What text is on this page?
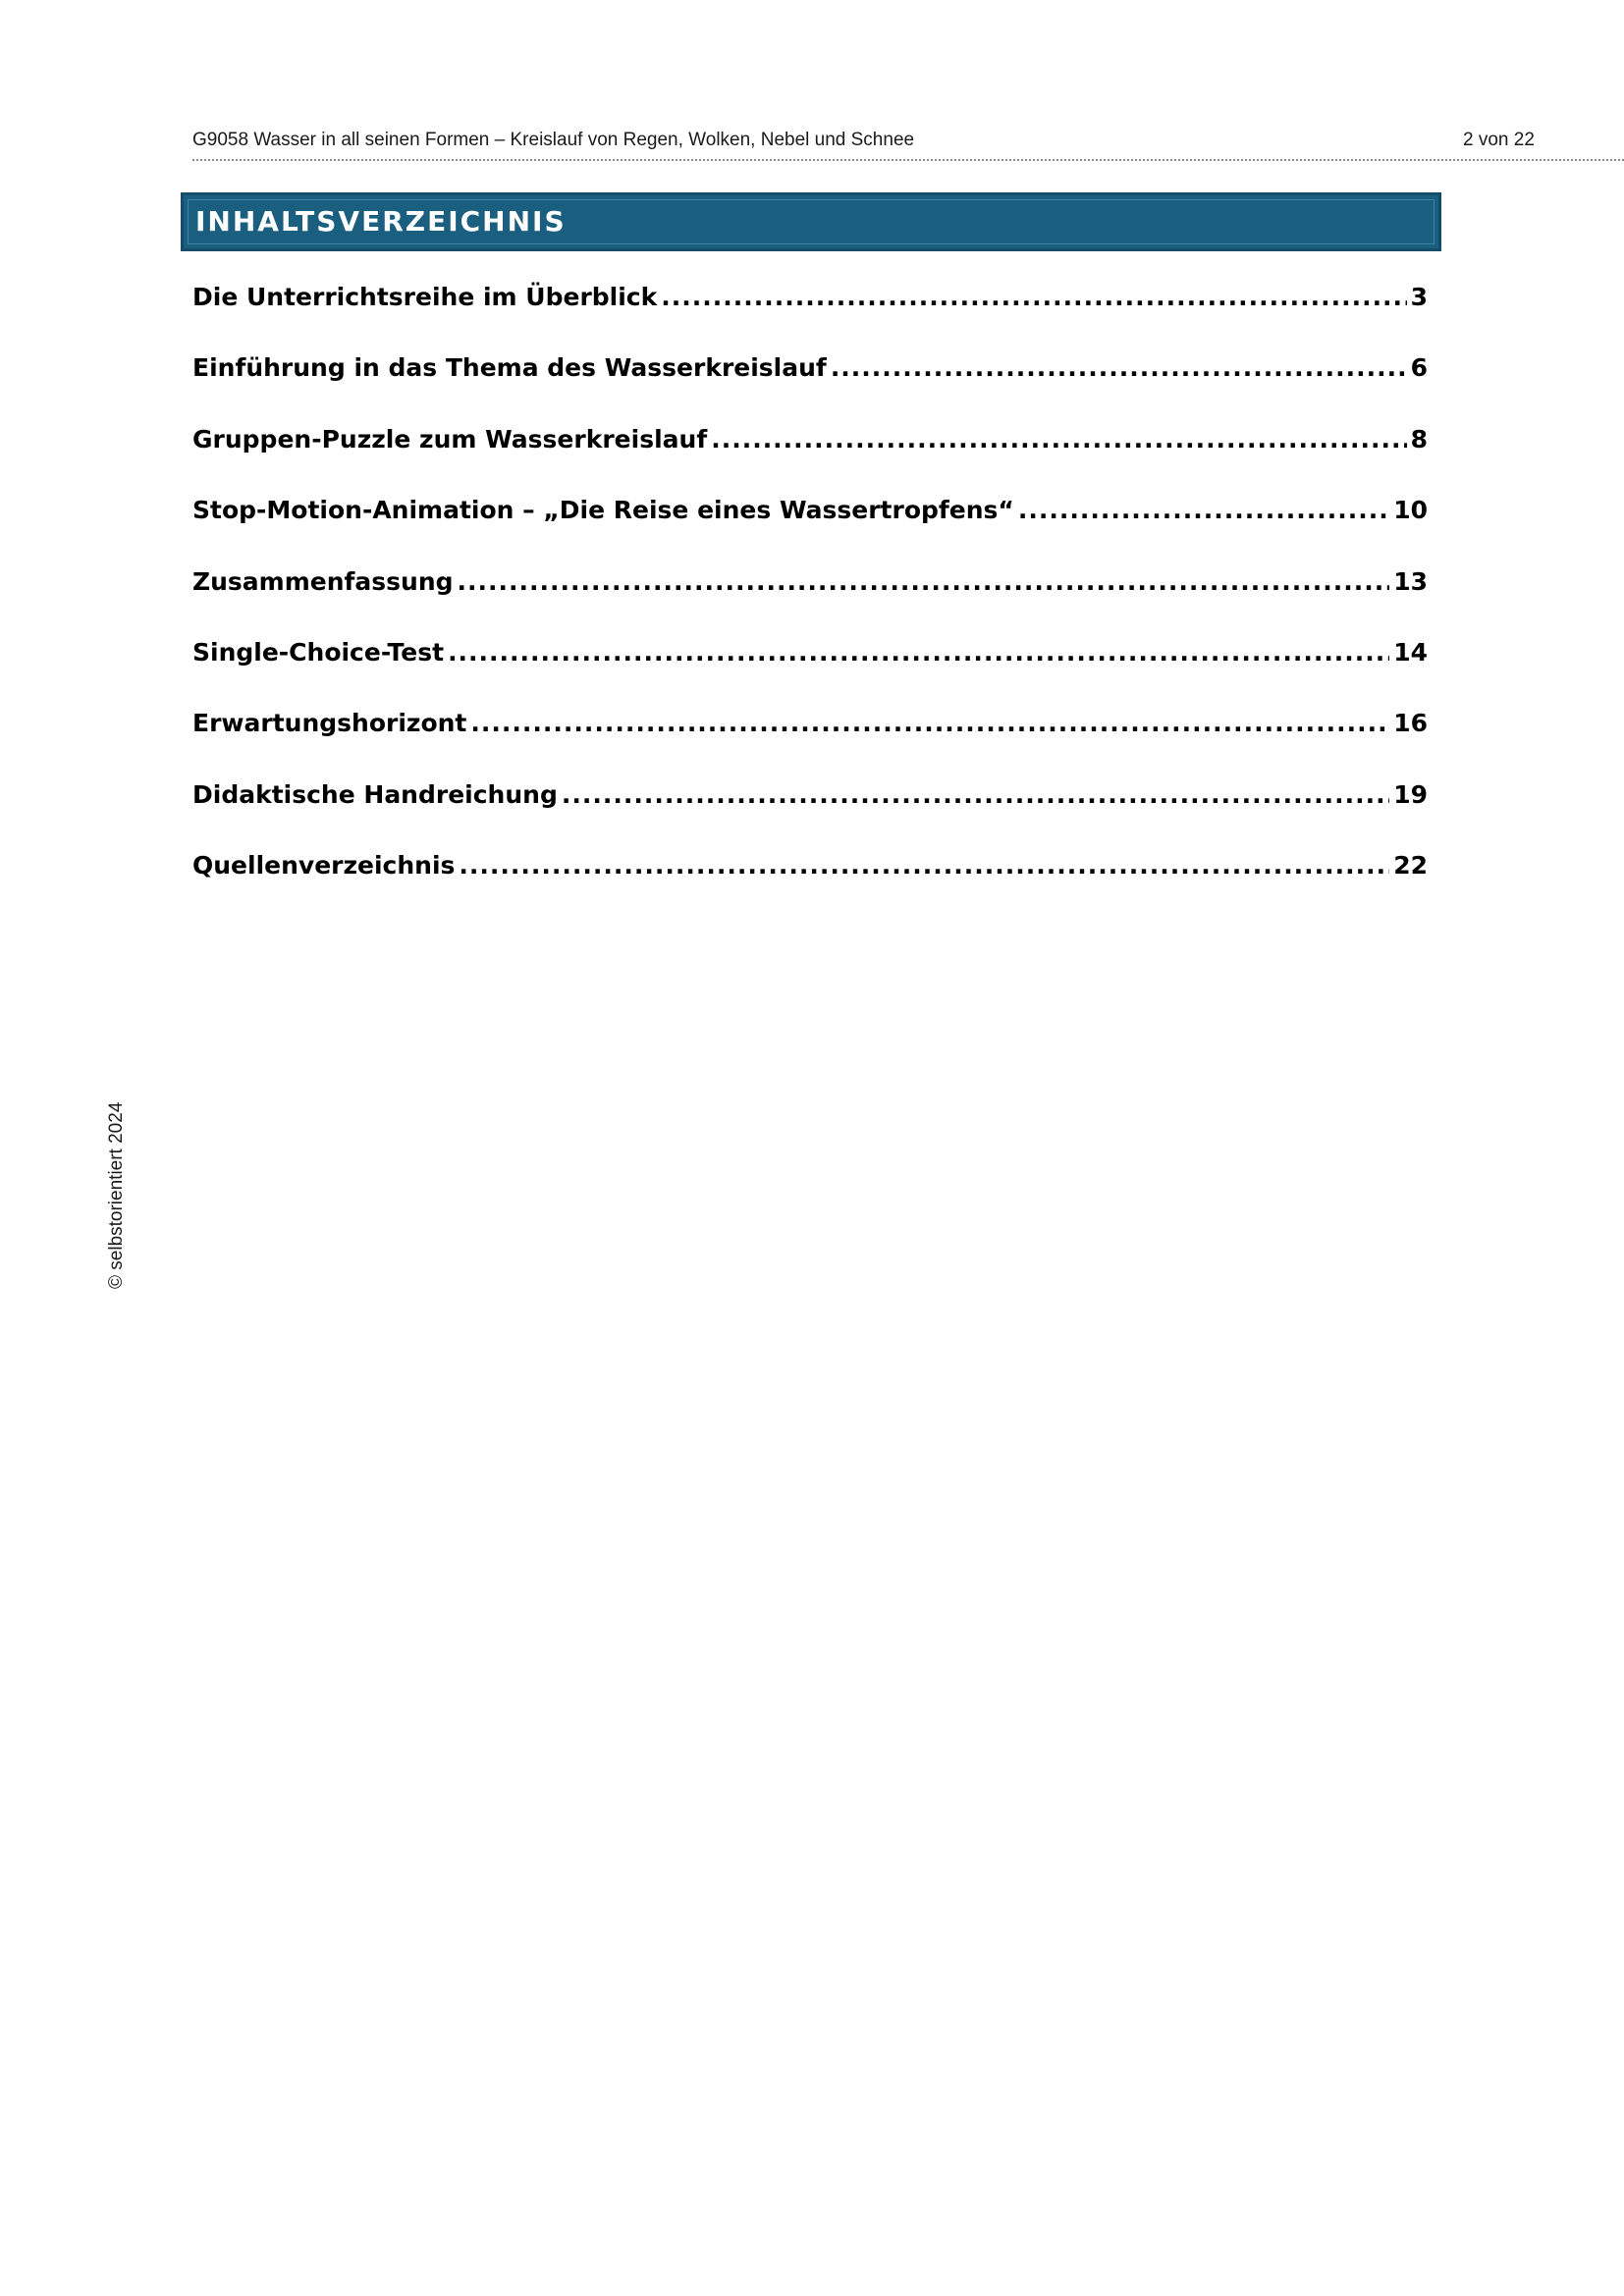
G9058 Wasser in all seinen Formen – Kreislauf von Regen, Wolken, Nebel und Schnee	2 von 22
INHALTSVERZEICHNIS
Die Unterrichtsreihe im Überblick .....	3
Einführung in das Thema des Wasserkreislauf .....	6
Gruppen-Puzzle zum Wasserkreislauf .....	8
Stop-Motion-Animation – „Die Reise eines Wassertropfens“ .....	10
Zusammenfassung .....	13
Single-Choice-Test .....	14
Erwartungshorizont .....	16
Didaktische Handreichung .....	19
Quellenverzeichnis .....	22
© selbstorientiert 2024
